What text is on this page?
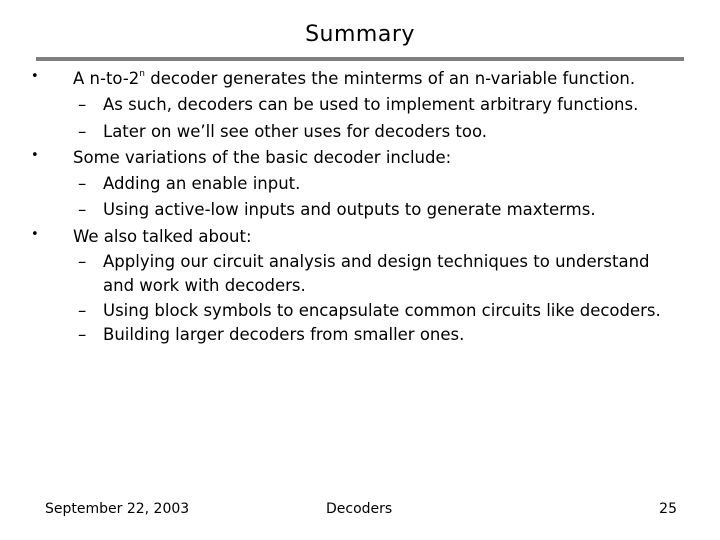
Summary
• A n-to-2$^n$ decoder generates the minterms of an n-variable function.
– As such, decoders can be used to implement arbitrary functions.
– Later on we’ll see other uses for decoders too.
• Some variations of the basic decoder include:
– Adding an enable input.
– Using active-low inputs and outputs to generate maxterms.
• We also talked about:
– Applying our circuit analysis and design techniques to understand
and work with decoders.
– Using block symbols to encapsulate common circuits like decoders.
– Building larger decoders from smaller ones.
September 22, 2003	Decoders	25
